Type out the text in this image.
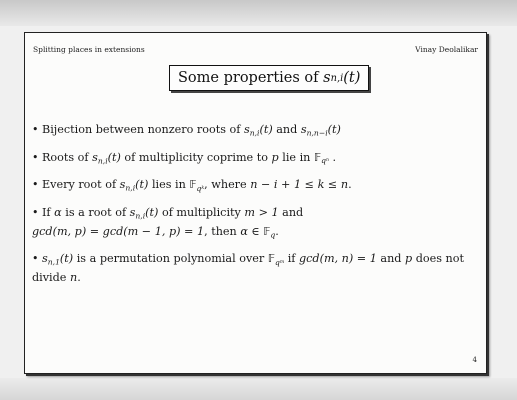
Splitting places in extensions	Vinay Deolalikar
Some properties of
s n,i (t)
• Bijection between nonzero roots of $s_{n,i}(t)$ and $s_{n,n-i}(t)$
• Roots of $s_{n,i}(t)$ of multiplicity coprime to p lie in 𝔽$_{q^n}$ .
• Every root of $s_{n,i}(t)$ lies in 𝔽$_{q^k}$, where n − i + 1 ≤ k ≤ n.
• If α is a root of $s_{n,i}(t)$ of multiplicity m > 1 and
gcd(m, p) = gcd(m − 1, p) = 1, then α ∈ 𝔽$_q$.
• $s_{n,1}(t)$ is a permutation polynomial over 𝔽$_{q^m}$ if gcd(m, n) = 1 and p does not divide n.
4
